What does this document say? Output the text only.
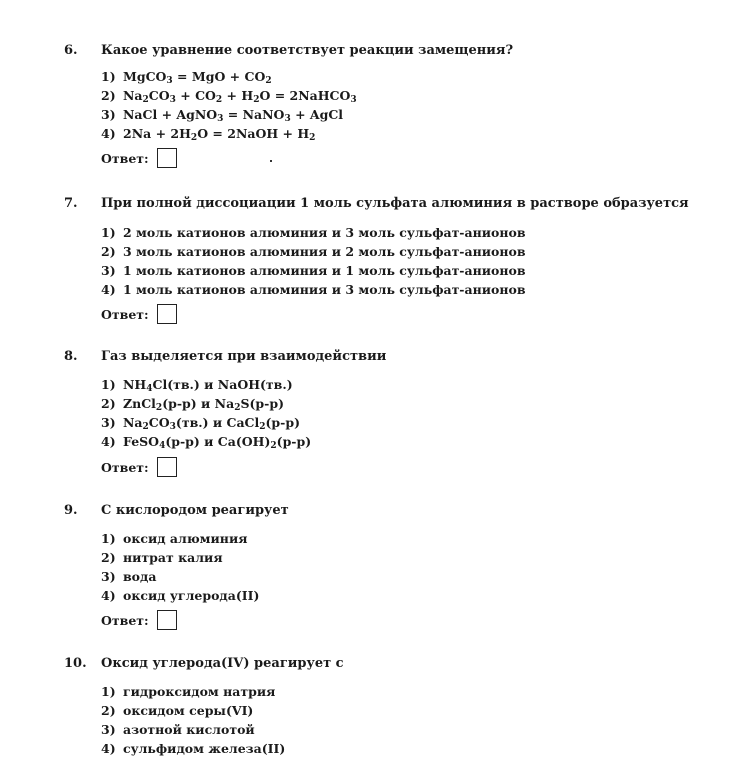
6. Какое уравнение соответствует реакции замещения?
1) MgCO$_3$ = MgO + $CO_2$
2) $Na_2CO_3 + CO_2 + H_2O$ = 2NaHCO$_3$
3) NaCl + AgNO$_3$ = NaNO$_3$ + AgCl
4) $2Na + 2H_2O$ = 2NaOH + $H_2$
Ответ:
7. При полной диссоциации 1 моль сульфата алюминия в растворе образуется
1) 2 моль катионов алюминия и 3 моль сульфат-анионов
2) 3 моль катионов алюминия и 2 моль сульфат-анионов
3) 1 моль катионов алюминия и 1 моль сульфат-анионов
4) 1 моль катионов алюминия и 3 моль сульфат-анионов
Ответ:
8. Газ выделяется при взаимодействии
1) $NH_4Cl(тв.)$ и NaOH(тв.)
2) ZnCl$_2$(р-р) и $Na_2S(р-р)$
3) $Na_2CO_3(тв.)$ и CaCl$_2$(р-р)
4) FeSO$_4$(р-р) и $Ca(OH)_2(р-р)$
Ответ:
9. С кислородом реагирует
1) оксид алюминия
2) нитрат калия
3) вода
4) оксид углерода(II)
Ответ:
10. Оксид углерода(IV) реагирует с
1) гидроксидом натрия
2) оксидом серы(VI)
3) азотной кислотой
4) сульфидом железа(II)
